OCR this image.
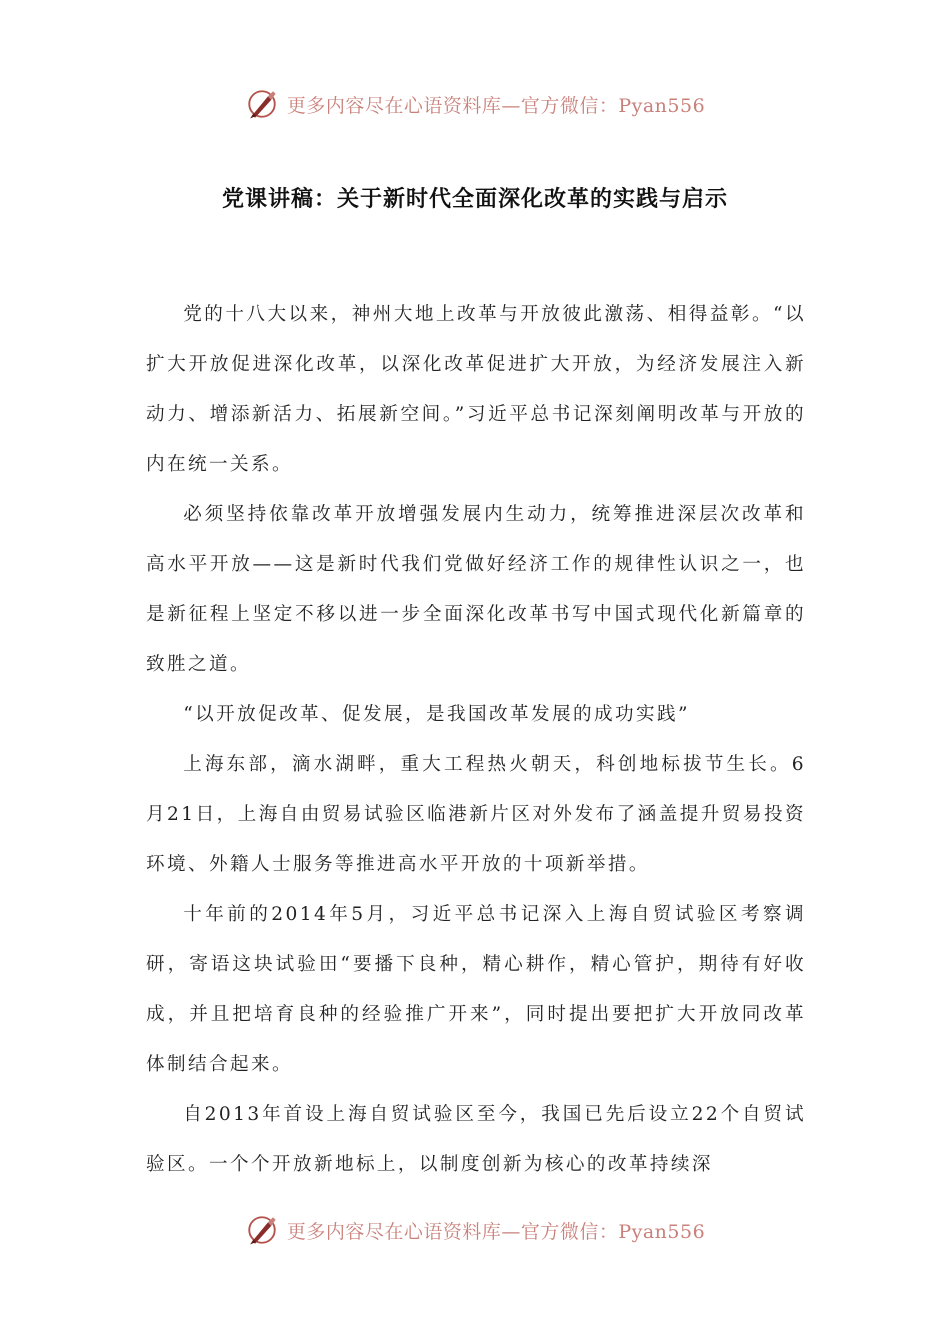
更多内容尽在心语资料库—官方微信：Pyan556
党课讲稿：关于新时代全面深化改革的实践与启示

党的十八大以来，神州大地上改革与开放彼此激荡、相得益彰。“以扩大开放促进深化改革，以深化改革促进扩大开放，为经济发展注入新动力、增添新活力、拓展新空间。”习近平总书记深刻阐明改革与开放的内在统一关系。

必须坚持依靠改革开放增强发展内生动力，统筹推进深层次改革和高水平开放——这是新时代我们党做好经济工作的规律性认识之一，也是新征程上坚定不移以进一步全面深化改革书写中国式现代化新篇章的致胜之道。

“以开放促改革、促发展，是我国改革发展的成功实践”

上海东部，滴水湖畔，重大工程热火朝天，科创地标拔节生长。6月21日，上海自由贸易试验区临港新片区对外发布了涵盖提升贸易投资环境、外籍人士服务等推进高水平开放的十项新举措。

十年前的2014年5月，习近平总书记深入上海自贸试验区考察调研，寄语这块试验田“要播下良种，精心耕作，精心管护，期待有好收成，并且把培育良种的经验推广开来”，同时提出要把扩大开放同改革体制结合起来。

自2013年首设上海自贸试验区至今，我国已先后设立22个自贸试验区。一个个开放新地标上，以制度创新为核心的改革持续深

更多内容尽在心语资料库—官方微信：Pyan556
